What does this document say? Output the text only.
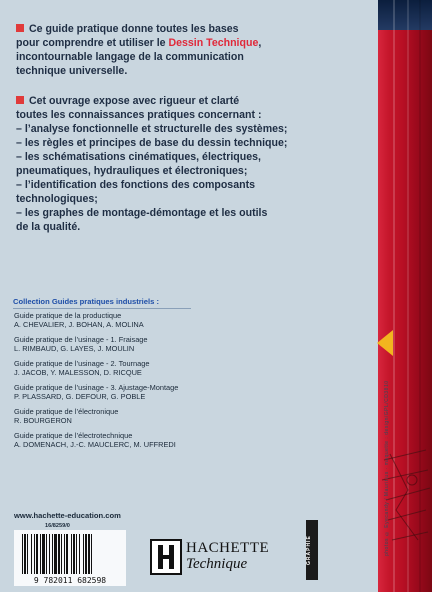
photos © Eyecandy / Mauritius · maquette : design/GPL/CD3810

Ce guide pratique donne toutes les bases
pour comprendre et utiliser le Dessin Technique,
incontournable langage de la communication
technique universelle.

Cet ouvrage expose avec rigueur et clarté
toutes les connaissances pratiques concernant :
– l’analyse fonctionnelle et structurelle des systèmes;
– les règles et principes de base du dessin technique;
– les schématisations cinématiques, électriques,
pneumatiques, hydrauliques et électroniques;
– l’identification des fonctions des composants
technologiques;
– les graphes de montage-démontage et les outils
de la qualité.

Collection Guides pratiques industriels :
Guide pratique de la productique
A. CHEVALIER, J. BOHAN, A. MOLINA
Guide pratique de l’usinage - 1. Fraisage
L. RIMBAUD, G. LAYES, J. MOULIN
Guide pratique de l’usinage - 2. Tournage
J. JACOB, Y. MALESSON, D. RICQUE
Guide pratique de l’usinage - 3. Ajustage-Montage
P. PLASSARD, G. DEFOUR, G. POBLE
Guide pratique de l’électronique
R. BOURGERON
Guide pratique de l’électrotechnique
A. DOMENACH, J.-C. MAUCLERC, M. UFFREDI
www.hachette-education.com
16/8259/0
9 782011 682598
HACHETTE
Technique	GRAPHIE
